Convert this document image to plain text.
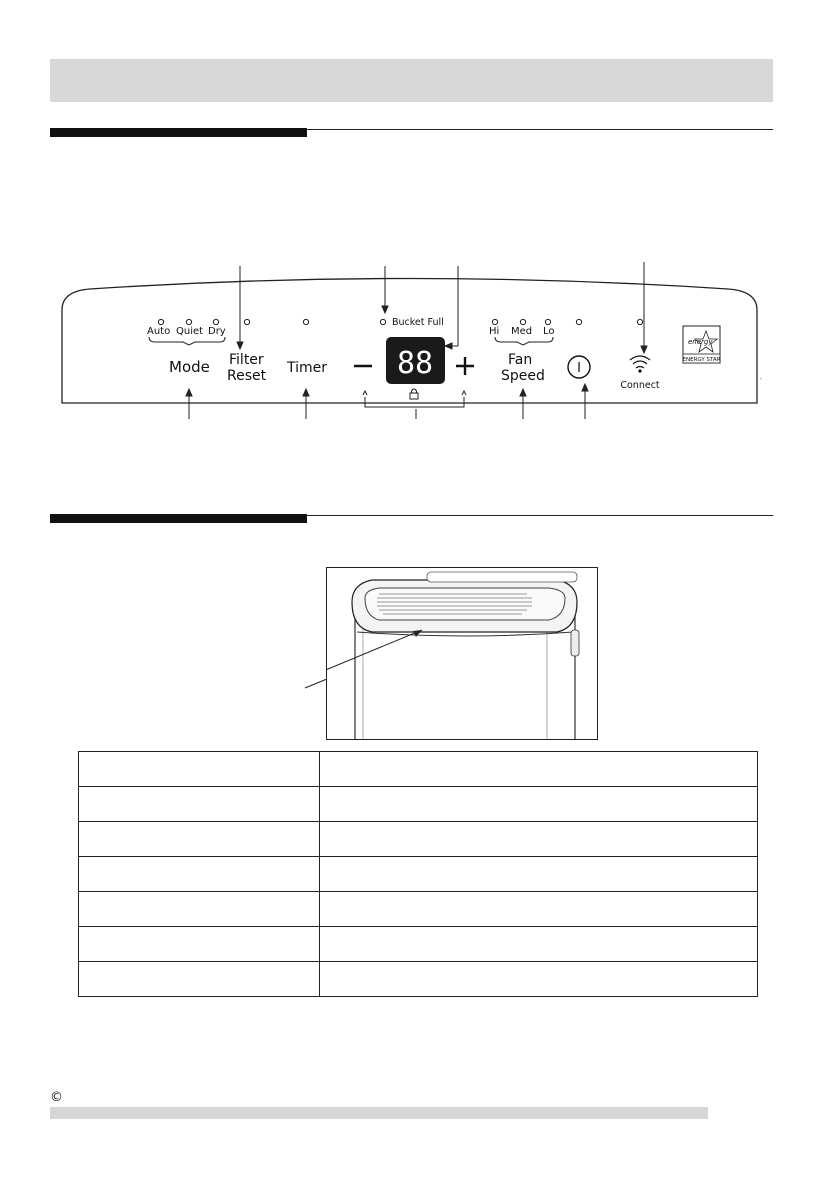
Auto Quiet Dry
Mode Filter
Reset Timer
Bucket Full
88
Hi Med Lo
Fan
Speed I
Connect
energy
ENERGY STAR
,

©
